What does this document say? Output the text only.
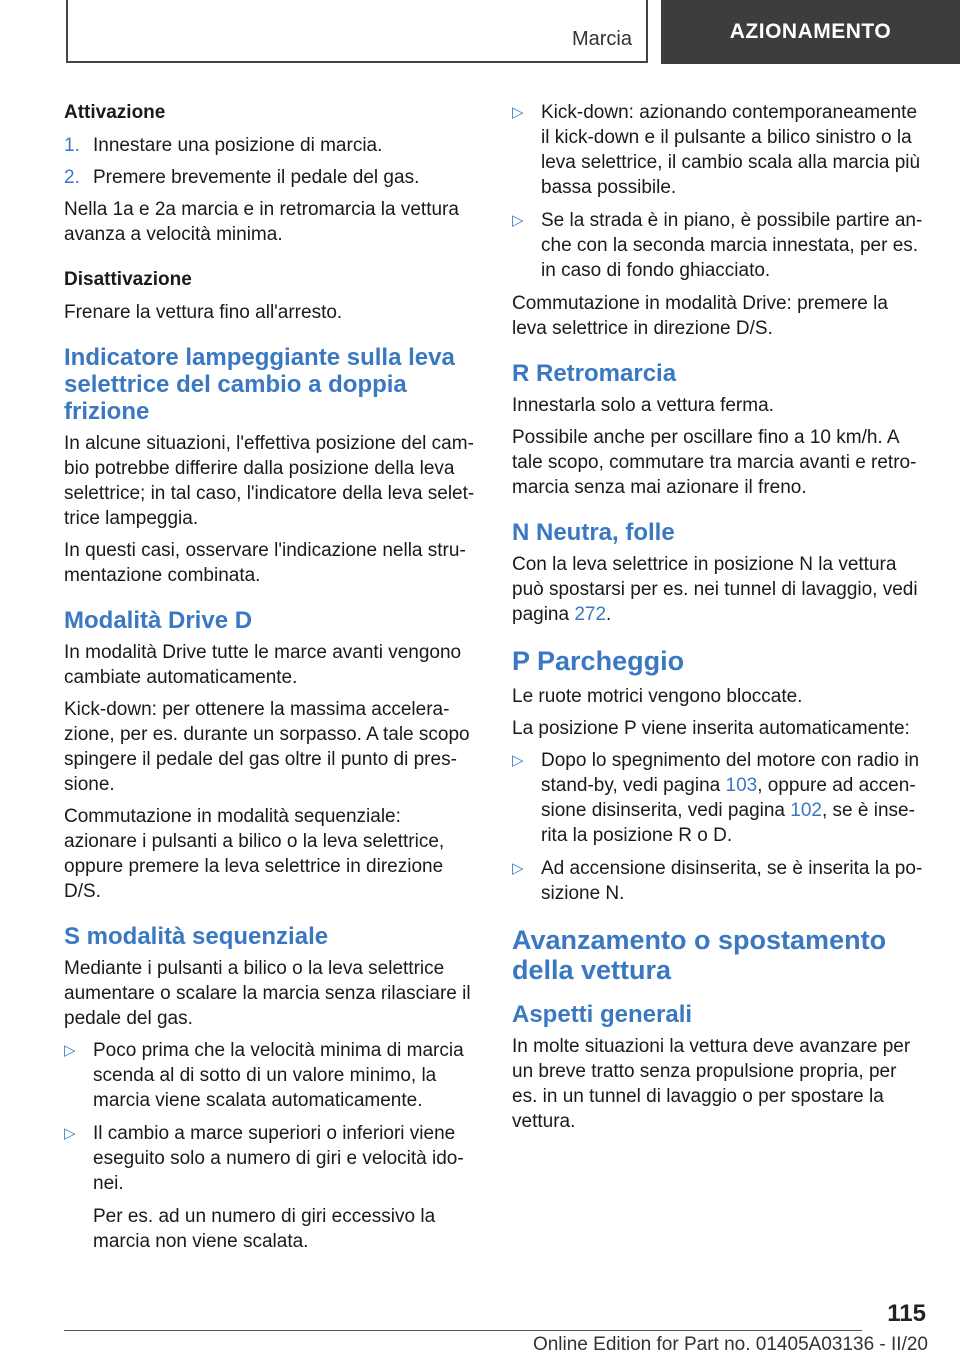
Marcia	AZIONAMENTO
Attivazione
1. Innestare una posizione di marcia.
2. Premere brevemente il pedale del gas.

Nella 1a e 2a marcia e in retromarcia la vettura avanza a velocità minima.

Disattivazione

Frenare la vettura fino all'arresto.

Indicatore lampeggiante sulla leva selettrice del cambio a doppia frizione

In alcune situazioni, l'effettiva posizione del cambio potrebbe differire dalla posizione della leva selettrice; in tal caso, l'indicatore della leva selettrice lampeggia.

In questi casi, osservare l'indicazione nella strumentazione combinata.

Modalità Drive D

In modalità Drive tutte le marce avanti vengono cambiate automaticamente.

Kick-down: per ottenere la massima accelerazione, per es. durante un sorpasso. A tale scopo spingere il pedale del gas oltre il punto di pressione.

Commutazione in modalità sequenziale: azionare i pulsanti a bilico o la leva selettrice, oppure premere la leva selettrice in direzione D/S.

S modalità sequenziale

Mediante i pulsanti a bilico o la leva selettrice aumentare o scalare la marcia senza rilasciare il pedale del gas.

▷ Poco prima che la velocità minima di marcia scenda al di sotto di un valore minimo, la marcia viene scalata automaticamente.
▷ Il cambio a marce superiori o inferiori viene eseguito solo a numero di giri e velocità idonei.

Per es. ad un numero di giri eccessivo la marcia non viene scalata.

▷ Kick-down: azionando contemporaneamente il kick-down e il pulsante a bilico sinistro o la leva selettrice, il cambio scala alla marcia più bassa possibile.
▷ Se la strada è in piano, è possibile partire anche con la seconda marcia innestata, per es. in caso di fondo ghiacciato.

Commutazione in modalità Drive: premere la leva selettrice in direzione D/S.

R Retromarcia

Innestarla solo a vettura ferma.

Possibile anche per oscillare fino a 10 km/h. A tale scopo, commutare tra marcia avanti e retromarcia senza mai azionare il freno.

N Neutra, folle

Con la leva selettrice in posizione N la vettura può spostarsi per es. nei tunnel di lavaggio, vedi pagina 272.

P Parcheggio

Le ruote motrici vengono bloccate.

La posizione P viene inserita automaticamente:

▷ Dopo lo spegnimento del motore con radio in stand-by, vedi pagina 103, oppure ad accensione disinserita, vedi pagina 102, se è inserita la posizione R o D.
▷ Ad accensione disinserita, se è inserita la posizione N.
Avanzamento o spostamento della vettura
Aspetti generali

In molte situazioni la vettura deve avanzare per un breve tratto senza propulsione propria, per es. in un tunnel di lavaggio o per spostare la vettura.

115
Online Edition for Part no. 01405A03136 - II/20
